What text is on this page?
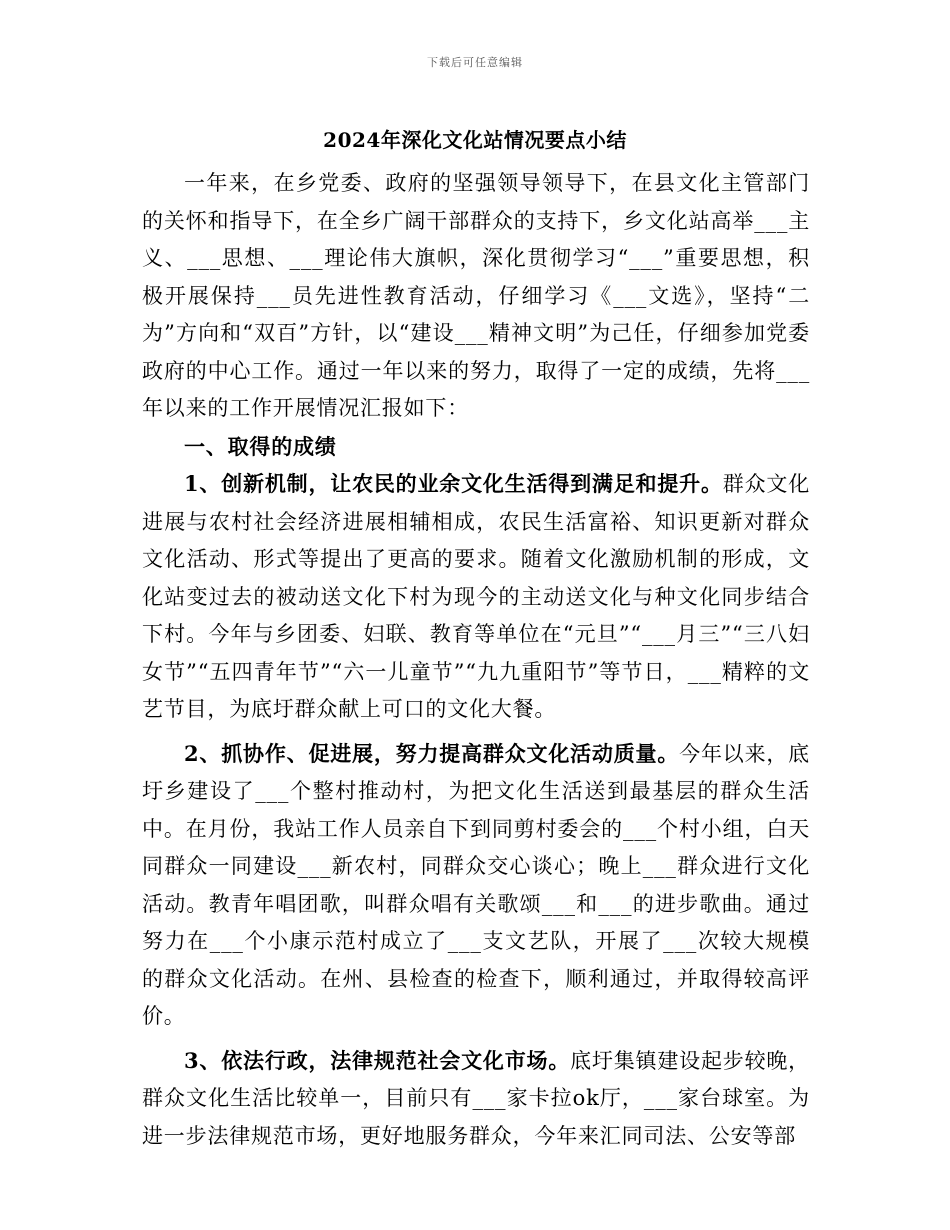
下载后可任意编辑
2024年深化文化站情况要点小结

一年来，在乡党委、政府的坚强领导领导下，在县文化主管部门的关怀和指导下，在全乡广阔干部群众的支持下，乡文化站高举___主义、___思想、___理论伟大旗帜，深化贯彻学习“___”重要思想，积极开展保持___员先进性教育活动，仔细学习《___文选》，坚持“二为”方向和“双百”方针，以“建设___精神文明”为己任，仔细参加党委政府的中心工作。通过一年以来的努力，取得了一定的成绩，先将___年以来的工作开展情况汇报如下：

一、取得的成绩

1、创新机制，让农民的业余文化生活得到满足和提升。群众文化进展与农村社会经济进展相辅相成，农民生活富裕、知识更新对群众文化活动、形式等提出了更高的要求。随着文化激励机制的形成，文化站变过去的被动送文化下村为现今的主动送文化与种文化同步结合下村。今年与乡团委、妇联、教育等单位在“元旦”“___月三”“三八妇女节”“五四青年节”“六一儿童节”“九九重阳节”等节日，___精粹的文艺节目，为底圩群众献上可口的文化大餐。

2、抓协作、促进展，努力提高群众文化活动质量。今年以来，底圩乡建设了___个整村推动村，为把文化生活送到最基层的群众生活中。在月份，我站工作人员亲自下到同剪村委会的___个村小组，白天同群众一同建设___新农村，同群众交心谈心；晚上___群众进行文化活动。教青年唱团歌，叫群众唱有关歌颂___和___的进步歌曲。通过努力在___个小康示范村成立了___支文艺队，开展了___次较大规模的群众文化活动。在州、县检查的检查下，顺利通过，并取得较高评价。

3、依法行政，法律规范社会文化市场。底圩集镇建设起步较晚，群众文化生活比较单一，目前只有___家卡拉ok厅，___家台球室。为进一步法律规范市场，更好地服务群众，今年来汇同司法、公安等部
